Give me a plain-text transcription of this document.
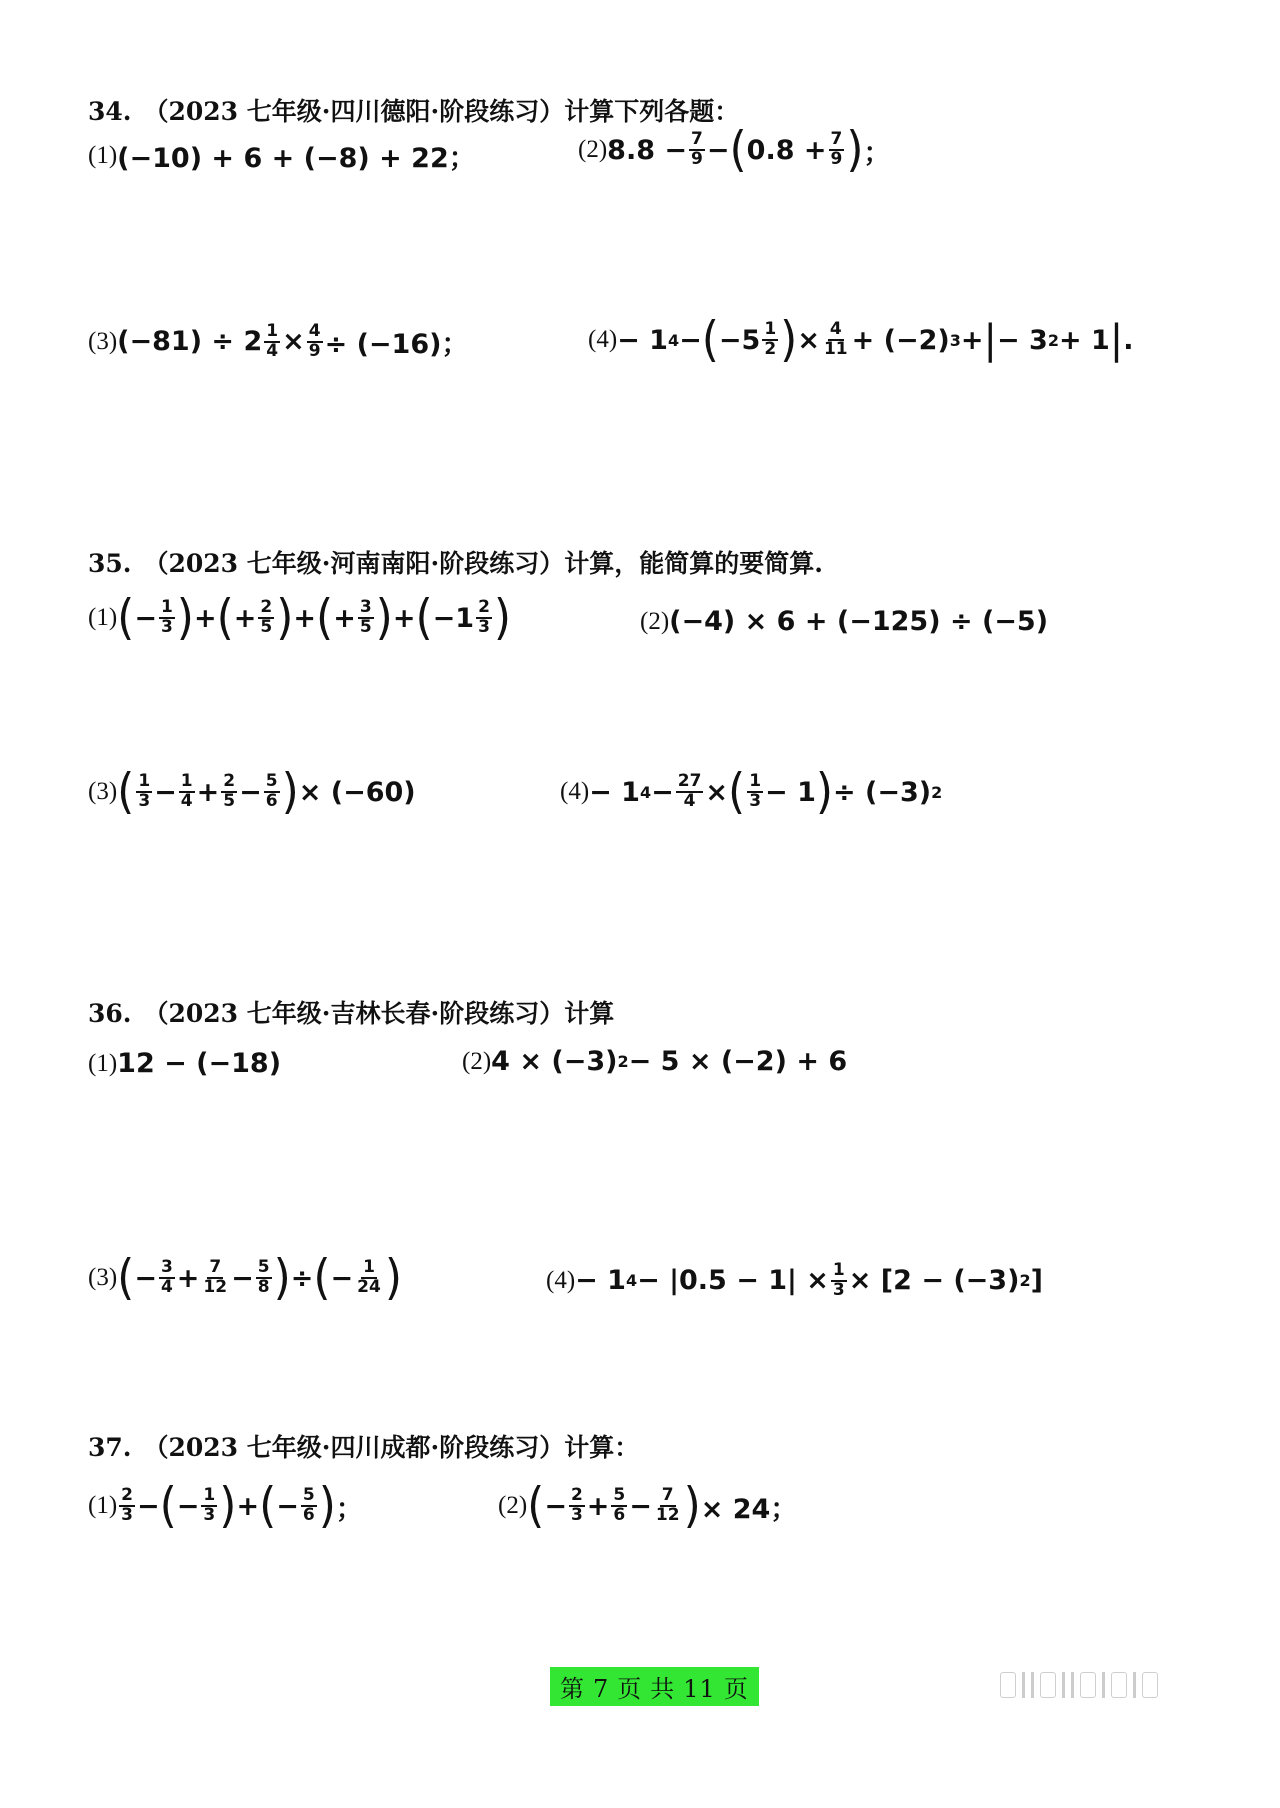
34. （2023 七年级·四川德阳·阶段练习）计算下列各题：
(1) (−10) + 6 + (−8) + 22；	(2) $8.8 - \frac{7}{9}$ − ( $0.8 + \frac{7}{9}$ ) ；
(3) $(-81) \div 2 \frac{1}{4} \times \frac{4}{9} \div (-16)$；	(4) − 1 4 − ( $-5 \frac{1}{2}$ ) × $\frac{4}{11} + (-2) 3$ + | − 3 2 + 1 | .
35. （2023 七年级·河南南阳·阶段练习）计算，能简算的要简算.
(1) ( − $\frac{1}{3}$ ) + ( + $\frac{2}{5}$ ) + ( + $\frac{3}{5}$ ) + ( $-1 \frac{2}{3}$ )	(2) (−4) × 6 + (−125) ÷ (−5)
(3) ( $\frac{1}{3} - \frac{1}{4} + \frac{2}{5} - \frac{5}{6}$ ) × (−60)	(4) − 1 $4 - \frac{27}{4}$ × ( $\frac{1}{3} - 1$ ) ÷ (−3) 2
36. （2023 七年级·吉林长春·阶段练习）计算
(1) 12 − (−18)	(2) 4 × (−3) 2 − 5 × (−2) + 6
(3) ( − $\frac{3}{4} + \frac{7}{12} - \frac{5}{8}$ ) ÷ ( − $\frac{1}{24}$ )	(4) − 1 $4 - |0.5 - 1| \times \frac{1}{3} \times [2 - (-3)$ 2 ]
37. （2023 七年级·四川成都·阶段练习）计算：
$(1) \frac{2}{3}$ − ( − $\frac{1}{3}$ ) + ( − $\frac{5}{6}$ ) ；	(2) ( − $\frac{2}{3} + \frac{5}{6} - \frac{7}{12}$ ) × 24；
第 7 页 共 11 页
